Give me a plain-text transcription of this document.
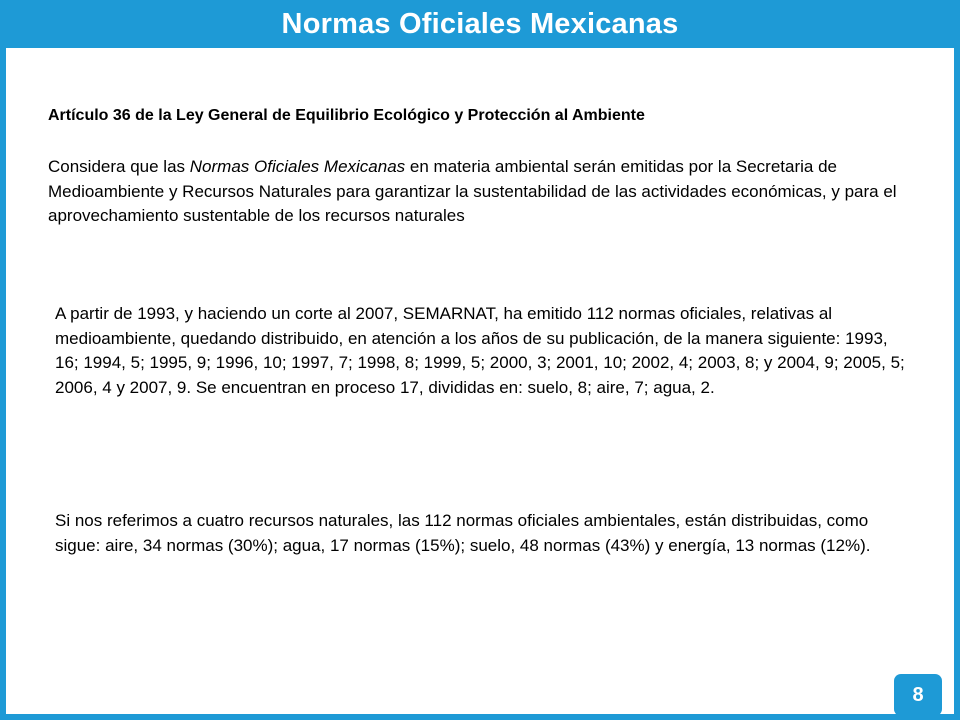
Normas Oficiales Mexicanas

Artículo 36 de la Ley General de Equilibrio Ecológico y Protección al Ambiente

Considera que las Normas Oficiales Mexicanas en materia ambiental serán emitidas por la Secretaria de Medioambiente y Recursos Naturales para garantizar la sustentabilidad de las actividades económicas, y para el aprovechamiento sustentable de los recursos naturales

A partir de 1993, y haciendo un corte al 2007, SEMARNAT, ha emitido 112 normas oficiales, relativas al medioambiente, quedando distribuido, en atención a los años de su publicación, de la manera siguiente: 1993, 16; 1994, 5; 1995, 9; 1996, 10; 1997, 7; 1998, 8; 1999, 5; 2000, 3; 2001, 10; 2002, 4; 2003, 8; y 2004, 9; 2005, 5; 2006, 4 y 2007, 9. Se encuentran en proceso 17, divididas en: suelo, 8; aire, 7; agua, 2.

Si nos referimos a cuatro recursos naturales, las 112 normas oficiales ambientales, están distribuidas, como sigue: aire, 34 normas (30%); agua, 17 normas (15%); suelo, 48 normas (43%) y energía, 13 normas (12%).

8
